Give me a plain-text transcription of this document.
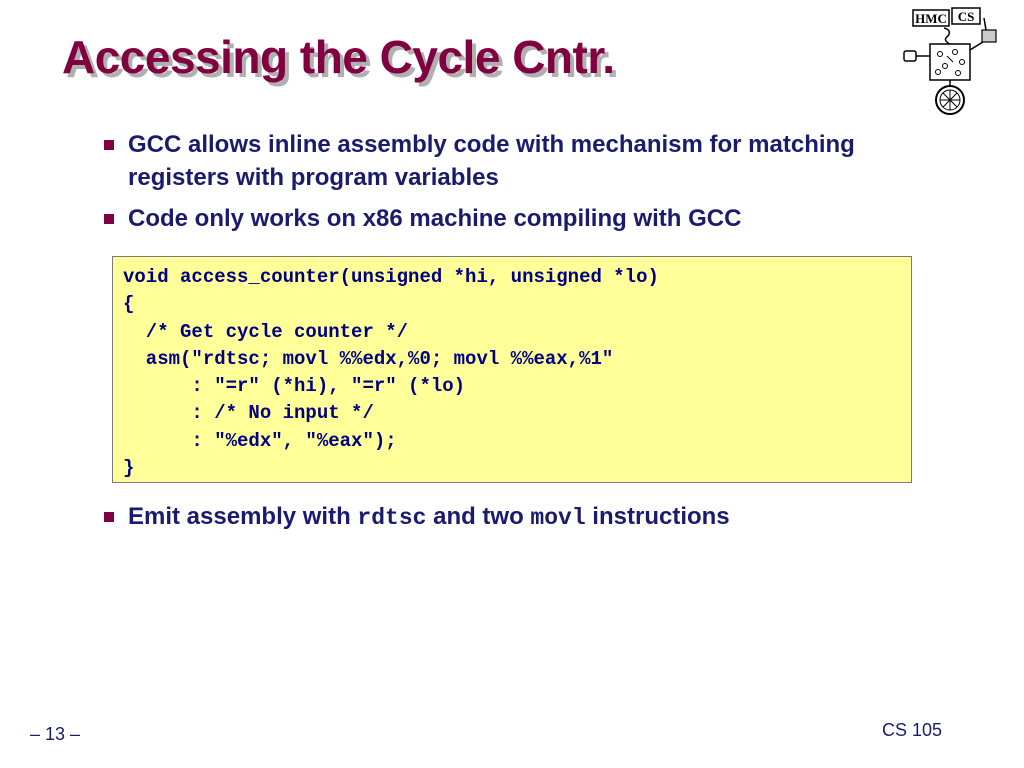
Accessing the Cycle Cntr.
HMC CS
GCC allows inline assembly code with mechanism for matching registers with program variables
Code only works on x86 machine compiling with GCC
void access_counter(unsigned *hi, unsigned *lo)
{
/* Get cycle counter */
asm("rdtsc; movl %%edx,%0; movl %%eax,%1"
: "=r" (*hi), "=r" (*lo)
: /* No input */
: "%edx", "%eax");
}
Emit assembly with rdtsc and two movl instructions
– 13 –	CS 105
